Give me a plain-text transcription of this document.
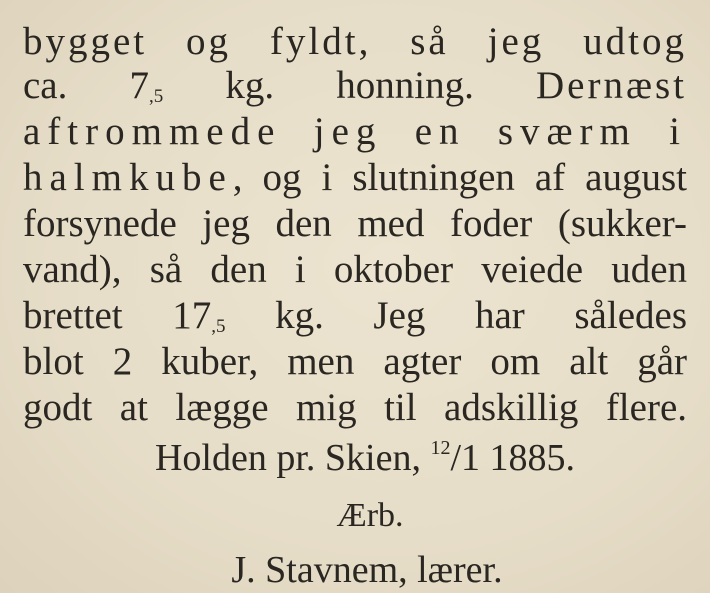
bygget og fyldt, så jeg udtog
ca. $7_{,5}$ kg. honning. Dernæst
aftrommede jeg en sværm i
halmkube, og i slutningen af august
forsynede jeg den med foder (sukker-
vand), så den i oktober veiede uden
brettet $17_{,5}$ kg. Jeg har således
blot 2 kuber, men agter om alt går
godt at lægge mig til adskillig flere.
Holden pr. Skien, $^{12}$/1 1885.
Ærb.
J. Stavnem, lærer.
